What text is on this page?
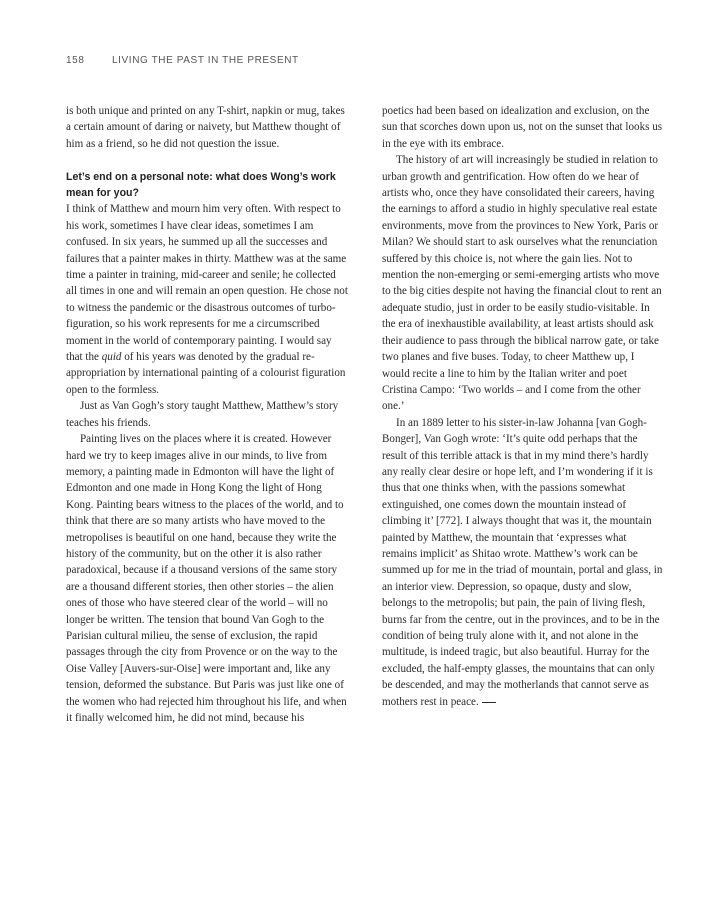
158	LIVING THE PAST IN THE PRESENT

is both unique and printed on any T-shirt, napkin or mug, takes a certain amount of daring or naivety, but Matthew thought of him as a friend, so he did not question the issue.

Let’s end on a personal note: what does Wong’s work mean for you?

I think of Matthew and mourn him very often. With respect to his work, sometimes I have clear ideas, sometimes I am confused. In six years, he summed up all the successes and failures that a painter makes in thirty. Matthew was at the same time a painter in training, mid-career and senile; he collected all times in one and will remain an open question. He chose not to witness the pandemic or the disastrous outcomes of turbo-figuration, so his work represents for me a circumscribed moment in the world of contemporary painting. I would say that the quid of his years was denoted by the gradual re-appropriation by international painting of a colourist figuration open to the formless.

Just as Van Gogh’s story taught Matthew, Matthew’s story teaches his friends.

Painting lives on the places where it is created. However hard we try to keep images alive in our minds, to live from memory, a painting made in Edmonton will have the light of Edmonton and one made in Hong Kong the light of Hong Kong. Painting bears witness to the places of the world, and to think that there are so many artists who have moved to the metropolises is beautiful on one hand, because they write the history of the community, but on the other it is also rather paradoxical, because if a thousand versions of the same story are a thousand different stories, then other stories – the alien ones of those who have steered clear of the world – will no longer be written. The tension that bound Van Gogh to the Parisian cultural milieu, the sense of exclusion, the rapid passages through the city from Provence or on the way to the Oise Valley [Auvers-sur-Oise] were important and, like any tension, deformed the substance. But Paris was just like one of the women who had rejected him throughout his life, and when it finally welcomed him, he did not mind, because his

poetics had been based on idealization and exclusion, on the sun that scorches down upon us, not on the sunset that looks us in the eye with its embrace.

The history of art will increasingly be studied in relation to urban growth and gentrification. How often do we hear of artists who, once they have consolidated their careers, having the earnings to afford a studio in highly speculative real estate environments, move from the provinces to New York, Paris or Milan? We should start to ask ourselves what the renunciation suffered by this choice is, not where the gain lies. Not to mention the non-emerging or semi-emerging artists who move to the big cities despite not having the financial clout to rent an adequate studio, just in order to be easily studio-visitable. In the era of inexhaustible availability, at least artists should ask their audience to pass through the biblical narrow gate, or take two planes and five buses. Today, to cheer Matthew up, I would recite a line to him by the Italian writer and poet Cristina Campo: ‘Two worlds – and I come from the other one.’

In an 1889 letter to his sister-in-law Johanna [van Gogh-Bonger], Van Gogh wrote: ‘It’s quite odd perhaps that the result of this terrible attack is that in my mind there’s hardly any really clear desire or hope left, and I’m wondering if it is thus that one thinks when, with the passions somewhat extinguished, one comes down the mountain instead of climbing it’ [772]. I always thought that was it, the mountain painted by Matthew, the mountain that ‘expresses what remains implicit’ as Shitao wrote. Matthew’s work can be summed up for me in the triad of mountain, portal and glass, in an interior view. Depression, so opaque, dusty and slow, belongs to the metropolis; but pain, the pain of living flesh, burns far from the centre, out in the provinces, and to be in the condition of being truly alone with it, and not alone in the multitude, is indeed tragic, but also beautiful. Hurray for the excluded, the half-empty glasses, the mountains that can only be descended, and may the motherlands that cannot serve as mothers rest in peace.
